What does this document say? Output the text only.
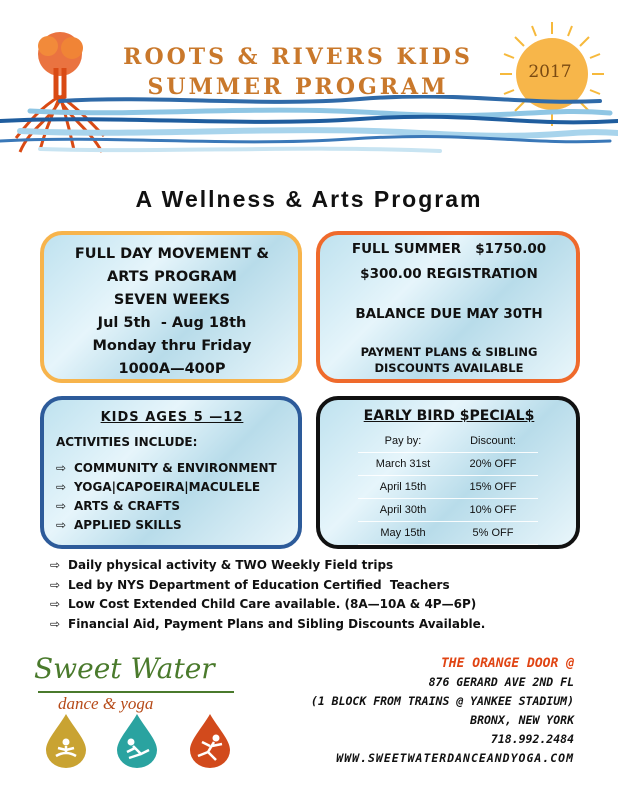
2017
ROOTS & RIVERS KIDS
SUMMER PROGRAM
A Wellness & Arts Program
FULL DAY MOVEMENT &
ARTS PROGRAM
SEVEN WEEKS
Jul 5th  - Aug 18th
Monday thru Friday
1000A—400P
FULL SUMMER   $1750.00
$300.00 REGISTRATION
BALANCE DUE MAY 30TH
PAYMENT PLANS & SIBLING
DISCOUNTS AVAILABLE
KIDS AGES 5 —12
ACTIVITIES INCLUDE:
⇨ COMMUNITY & ENVIRONMENT
⇨ YOGA|CAPOEIRA|MACULELE
⇨ ARTS & CRAFTS
⇨ APPLIED SKILLS
EARLY BIRD $PECIAL$
Pay by:	Discount:
March 31st	20% OFF
April 15th	15% OFF
April 30th	10% OFF
May 15th	5% OFF
⇨ Daily physical activity & TWO Weekly Field trips
⇨ Led by NYS Department of Education Certified  Teachers
⇨ Low Cost Extended Child Care available. (8A—10A & 4P—6P)
⇨ Financial Aid, Payment Plans and Sibling Discounts Available.
Sweet Water
dance & yoga
THE ORANGE DOOR @
876 GERARD AVE 2ND FL
(1 BLOCK FROM TRAINS @ YANKEE STADIUM)
BRONX, NEW YORK
718.992.2484
WWW.SWEETWATERDANCEANDYOGA.COM
